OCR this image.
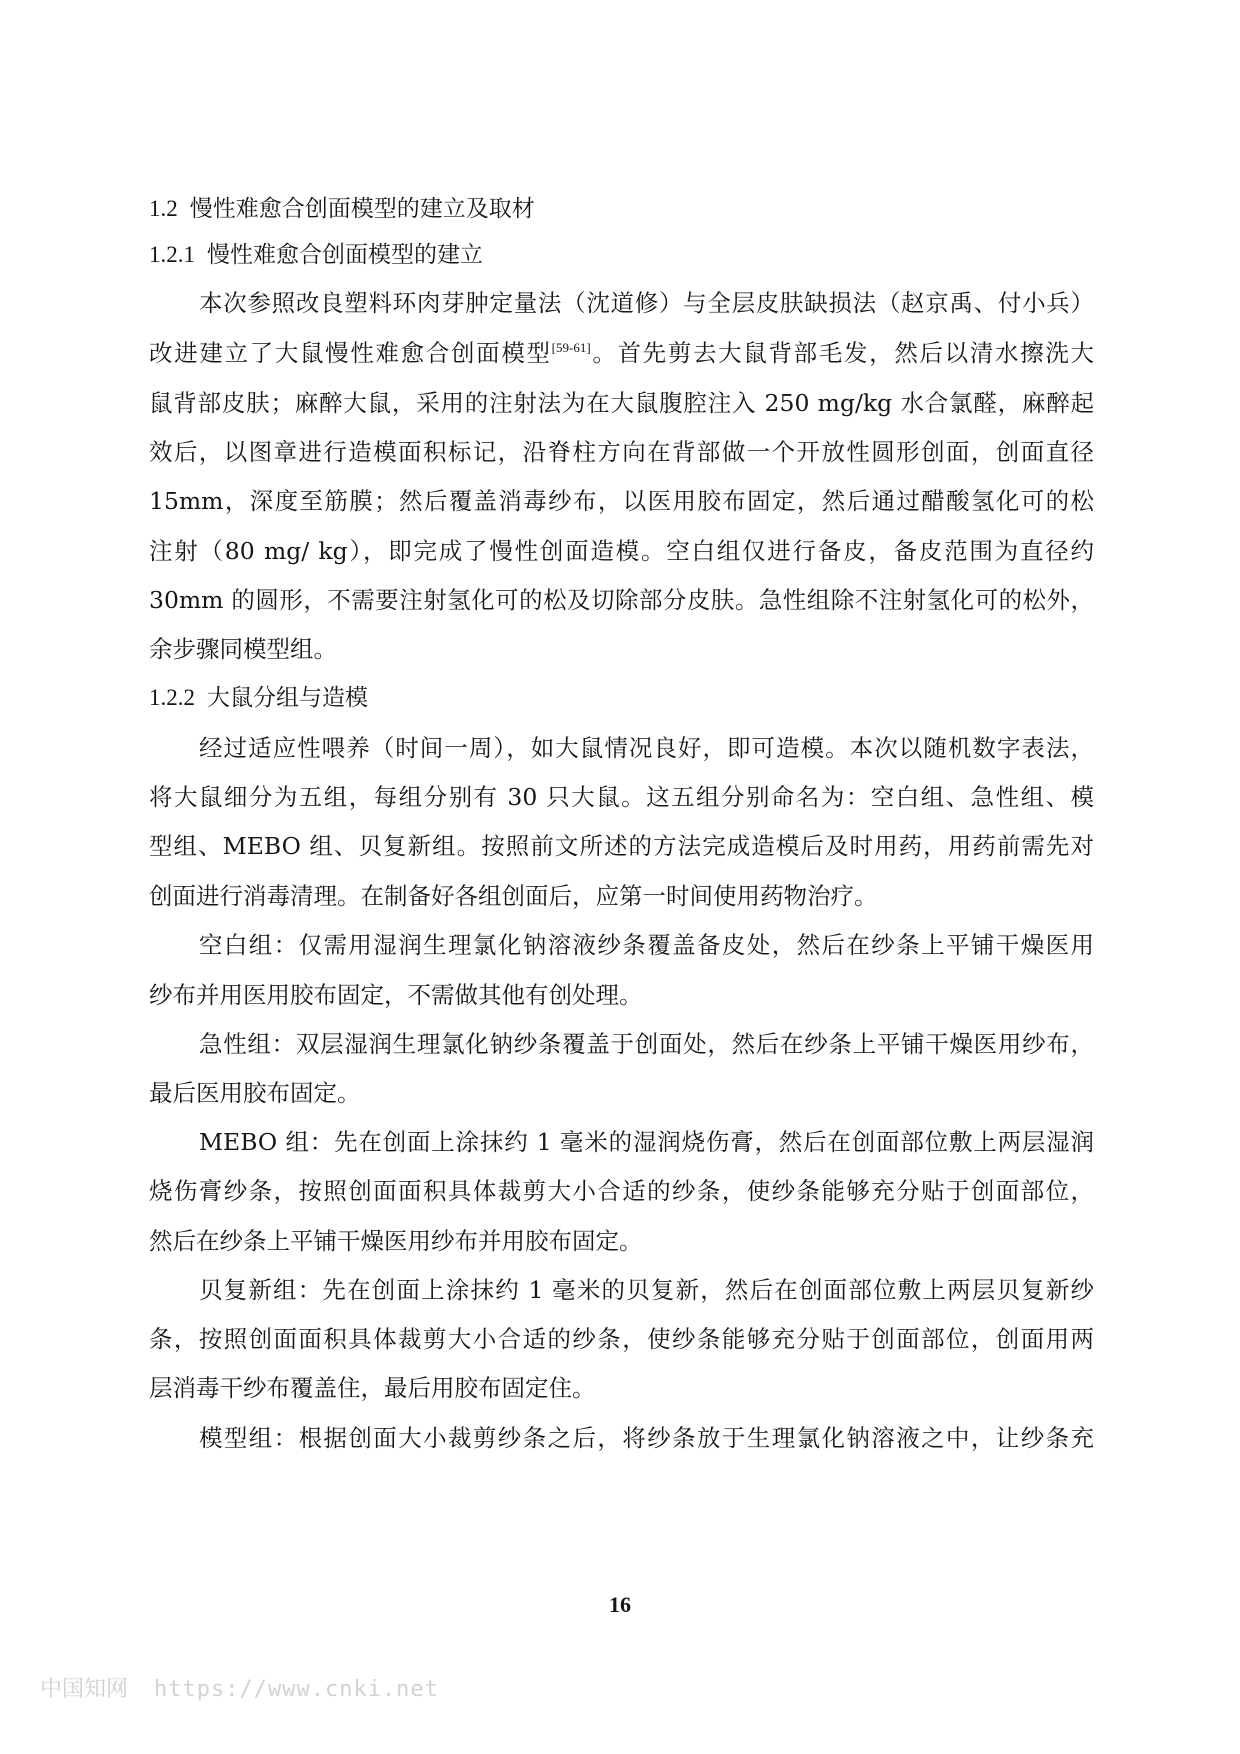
1.2 慢性难愈合创面模型的建立及取材
1.2.1 慢性难愈合创面模型的建立
本次参照改良塑料环肉芽肿定量法（沈道修）与全层皮肤缺损法（赵京禹、付小兵）
改进建立了大鼠慢性难愈合创面模型[59-61]。首先剪去大鼠背部毛发，然后以清水擦洗大
鼠背部皮肤；麻醉大鼠，采用的注射法为在大鼠腹腔注入 250 mg/kg 水合氯醛，麻醉起
效后，以图章进行造模面积标记，沿脊柱方向在背部做一个开放性圆形创面，创面直径
15mm，深度至筋膜；然后覆盖消毒纱布，以医用胶布固定，然后通过醋酸氢化可的松
注射（80 mg/ kg），即完成了慢性创面造模。空白组仅进行备皮，备皮范围为直径约
30mm 的圆形，不需要注射氢化可的松及切除部分皮肤。急性组除不注射氢化可的松外，
余步骤同模型组。
1.2.2 大鼠分组与造模
经过适应性喂养（时间一周），如大鼠情况良好，即可造模。本次以随机数字表法，
将大鼠细分为五组，每组分别有 30 只大鼠。这五组分别命名为：空白组、急性组、模
型组、MEBO 组、贝复新组。按照前文所述的方法完成造模后及时用药，用药前需先对
创面进行消毒清理。在制备好各组创面后，应第一时间使用药物治疗。
空白组：仅需用湿润生理氯化钠溶液纱条覆盖备皮处，然后在纱条上平铺干燥医用
纱布并用医用胶布固定，不需做其他有创处理。
急性组：双层湿润生理氯化钠纱条覆盖于创面处，然后在纱条上平铺干燥医用纱布，
最后医用胶布固定。
MEBO 组：先在创面上涂抹约 1 毫米的湿润烧伤膏，然后在创面部位敷上两层湿润
烧伤膏纱条，按照创面面积具体裁剪大小合适的纱条，使纱条能够充分贴于创面部位，
然后在纱条上平铺干燥医用纱布并用胶布固定。
贝复新组：先在创面上涂抹约 1 毫米的贝复新，然后在创面部位敷上两层贝复新纱
条，按照创面面积具体裁剪大小合适的纱条，使纱条能够充分贴于创面部位，创面用两
层消毒干纱布覆盖住，最后用胶布固定住。
模型组：根据创面大小裁剪纱条之后，将纱条放于生理氯化钠溶液之中，让纱条充
16
中国知网 https://www.cnki.net
